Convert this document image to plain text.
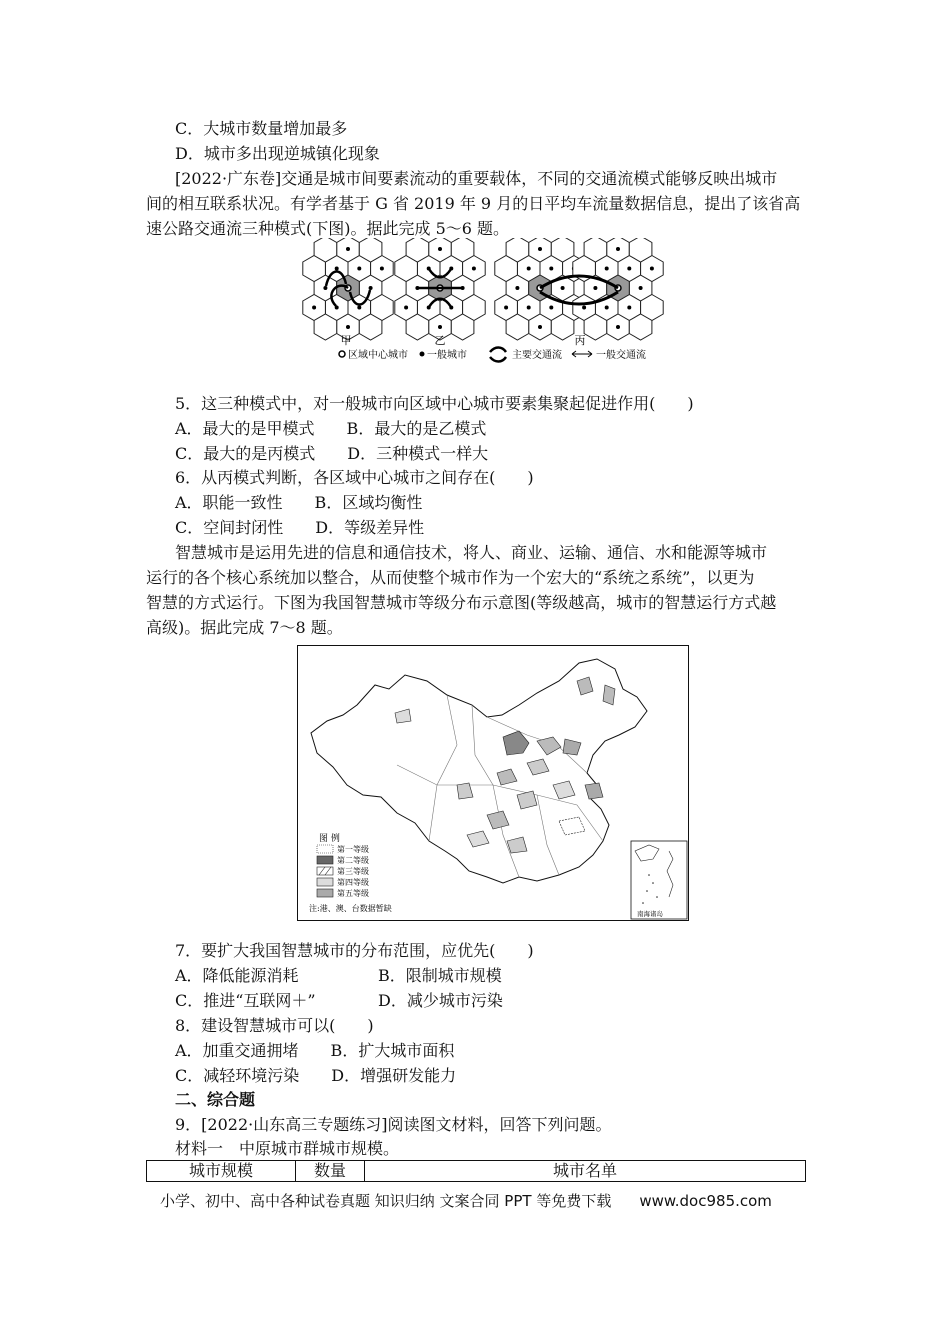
C．大城市数量增加最多
D．城市多出现逆城镇化现象
[2022·广东卷]交通是城市间要素流动的重要载体，不同的交通流模式能够反映出城市
间的相互联系状况。有学者基于 G 省 2019 年 9 月的日平均车流量数据信息，提出了该省高
速公路交通流三种模式(下图)。据此完成 5～6 题。
甲	乙	丙
区域中心城市 一般城市	主要交通流	一般交通流
5．这三种模式中，对一般城市向区域中心城市要素集聚起促进作用(　　)
A．最大的是甲模式　　B．最大的是乙模式
C．最大的是丙模式　　D．三种模式一样大
6．从丙模式判断，各区域中心城市之间存在(　　)
A．职能一致性　　B．区域均衡性
C．空间封闭性　　D．等级差异性
智慧城市是运用先进的信息和通信技术，将人、商业、运输、通信、水和能源等城市
运行的各个核心系统加以整合，从而使整个城市作为一个宏大的“系统之系统”，以更为
智慧的方式运行。下图为我国智慧城市等级分布示意图(等级越高，城市的智慧运行方式越
高级)。据此完成 7～8 题。
图 例
第一等级
第二等级
第三等级
第四等级
第五等级
注:港、澳、台数据暂缺
南海诸岛
7．要扩大我国智慧城市的分布范围，应优先(　　)
A．降低能源消耗	B．限制城市规模
C．推进“互联网＋”	D．减少城市污染
8．建设智慧城市可以(　　)
A．加重交通拥堵　　B．扩大城市面积
C．减轻环境污染　　D．增强研发能力
二、综合题
9．[2022·山东高三专题练习]阅读图文材料，回答下列问题。
材料一　中原城市群城市规模。
城市规模	数量	城市名单
小学、初中、高中各种试卷真题 知识归纳 文案合同 PPT 等免费下载 www.doc985.com
